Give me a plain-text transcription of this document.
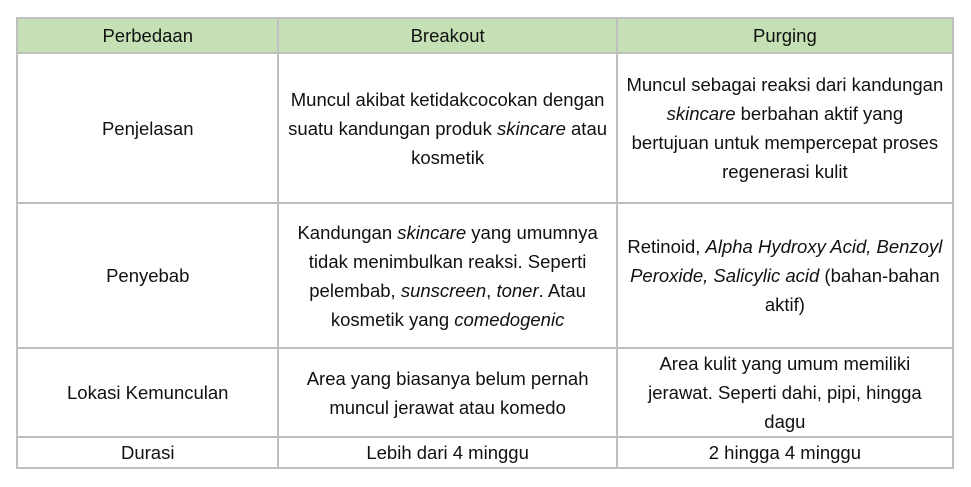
Perbedaan	Breakout	Purging
Penjelasan	Muncul akibat ketidakcocokan dengan suatu kandungan produk skincare atau kosmetik	Muncul sebagai reaksi dari kandungan skincare berbahan aktif yang bertujuan untuk mempercepat proses regenerasi kulit
Penyebab	Kandungan skincare yang umumnya tidak menimbulkan reaksi. Seperti pelembab, sunscreen, toner. Atau kosmetik yang comedogenic	Retinoid, Alpha Hydroxy Acid, Benzoyl Peroxide, Salicylic acid (bahan-bahan aktif)
Lokasi Kemunculan	Area yang biasanya belum pernah muncul jerawat atau komedo	Area kulit yang umum memiliki jerawat. Seperti dahi, pipi, hingga dagu
Durasi	Lebih dari 4 minggu	2 hingga 4 minggu
